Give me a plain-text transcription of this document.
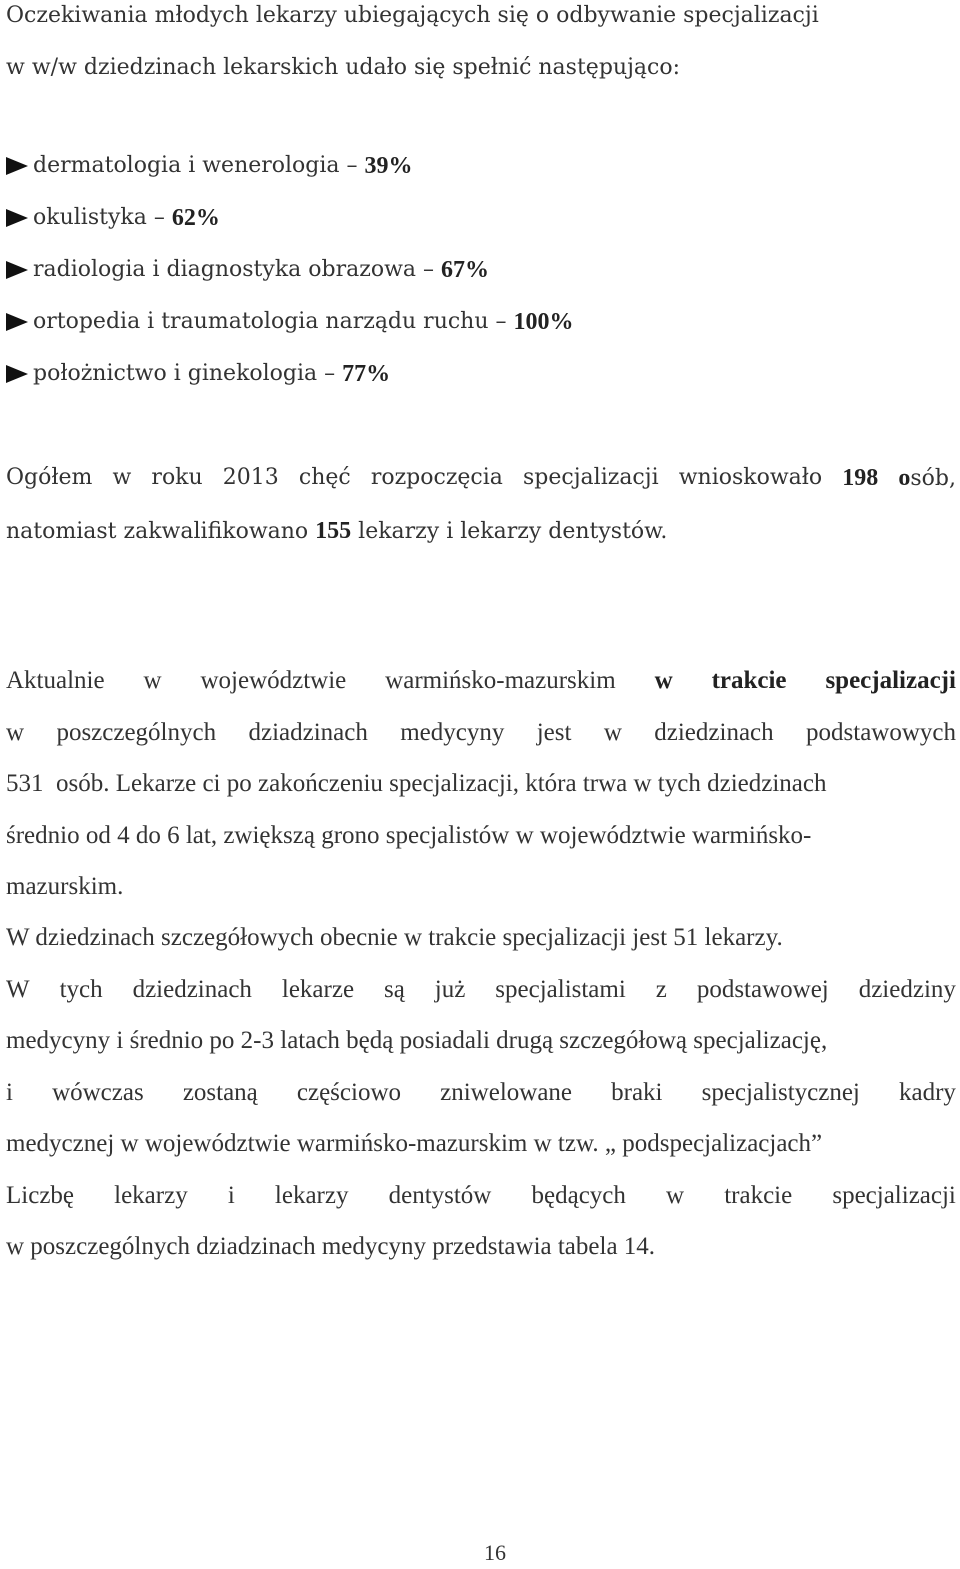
Oczekiwania młodych lekarzy ubiegających się o odbywanie specjalizacji
w w/w dziedzinach lekarskich udało się spełnić następująco:
dermatologia i wenerologia –
39%
okulistyka –
62%
radiologia i diagnostyka obrazowa –
67%
ortopedia i traumatologia narządu ruchu –
100%
położnictwo i ginekologia –
77%
Ogółem w roku 2013 chęć rozpoczęcia specjalizacji wnioskowało 198 osób,
natomiast zakwalifikowano 155 lekarzy i lekarzy dentystów.
Aktualnie w województwie warmińsko-mazurskim w trakcie specjalizacji
w poszczególnych dziadzinach medycyny jest w dziedzinach podstawowych
531  osób. Lekarze ci po zakończeniu specjalizacji, która trwa w tych dziedzinach
średnio od 4 do 6 lat, zwiększą grono specjalistów w województwie warmińsko-
mazurskim.
W dziedzinach szczegółowych obecnie w trakcie specjalizacji jest 51 lekarzy.
W tych dziedzinach lekarze są już specjalistami z podstawowej dziedziny
medycyny i średnio po 2-3 latach będą posiadali drugą szczegółową specjalizację,
i wówczas zostaną częściowo zniwelowane braki specjalistycznej kadry
medycznej w województwie warmińsko-mazurskim w tzw. „ podspecjalizacjach”
Liczbę lekarzy i lekarzy dentystów będących w trakcie specjalizacji
w poszczególnych dziadzinach medycyny przedstawia tabela 14.
16
